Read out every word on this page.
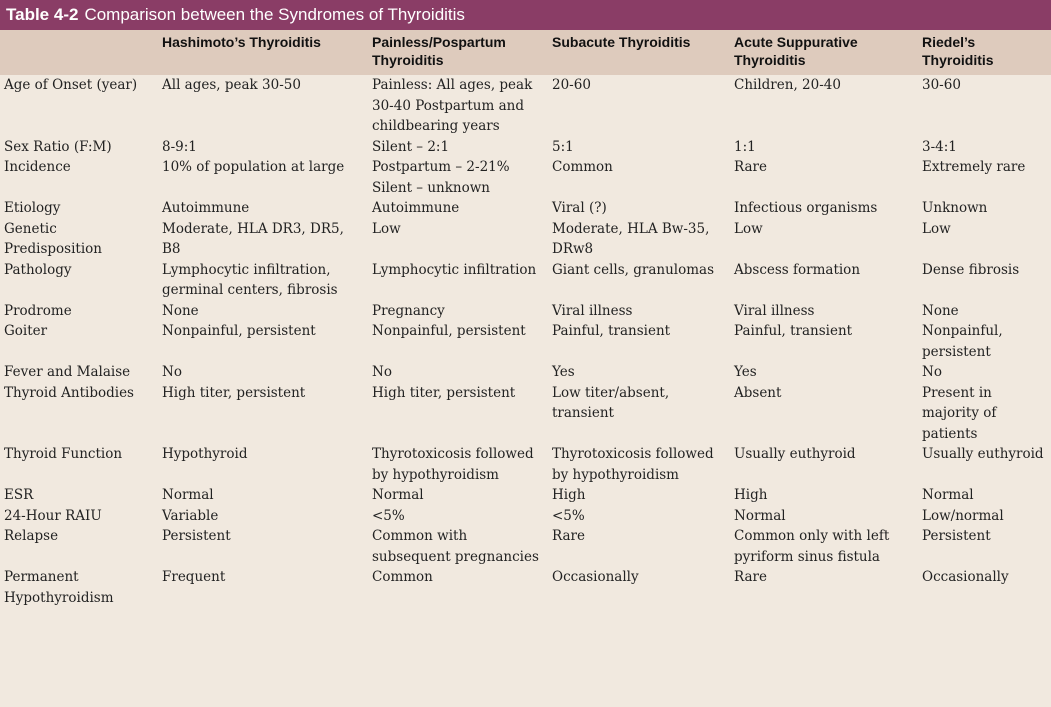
Table 4-2 Comparison between the Syndromes of Thyroiditis
	Hashimoto’s Thyroiditis	Painless/Pospartum Thyroiditis	Subacute Thyroiditis	Acute Suppurative Thyroiditis	Riedel’s Thyroiditis
Age of Onset (year)	All ages, peak 30-50	Painless: All ages, peak 30-40 Postpartum and childbearing years	20-60	Children, 20-40	30-60
Sex Ratio (F:M)	8-9:1	Silent – 2:1	5:1	1:1	3-4:1
Incidence	10% of population at large	Postpartum – 2-21% Silent – unknown	Common	Rare	Extremely rare
Etiology	Autoimmune	Autoimmune	Viral (?)	Infectious organisms	Unknown
Genetic Predisposition	Moderate, HLA DR3, DR5, B8	Low	Moderate, HLA Bw-35, DRw8	Low	Low
Pathology	Lymphocytic infiltration, germinal centers, fibrosis	Lymphocytic infiltration	Giant cells, granulomas	Abscess formation	Dense fibrosis
Prodrome	None	Pregnancy	Viral illness	Viral illness	None
Goiter	Nonpainful, persistent	Nonpainful, persistent	Painful, transient	Painful, transient	Nonpainful, persistent
Fever and Malaise	No	No	Yes	Yes	No
Thyroid Antibodies	High titer, persistent	High titer, persistent	Low titer/absent, transient	Absent	Present in majority of patients
Thyroid Function	Hypothyroid	Thyrotoxicosis followed by hypothyroidism	Thyrotoxicosis followed by hypothyroidism	Usually euthyroid	Usually euthyroid
ESR	Normal	Normal	High	High	Normal
24-Hour RAIU	Variable	<5%	<5%	Normal	Low/normal
Relapse	Persistent	Common with subsequent pregnancies	Rare	Common only with left pyriform sinus fistula	Persistent
Permanent Hypothyroidism	Frequent	Common	Occasionally	Rare	Occasionally
